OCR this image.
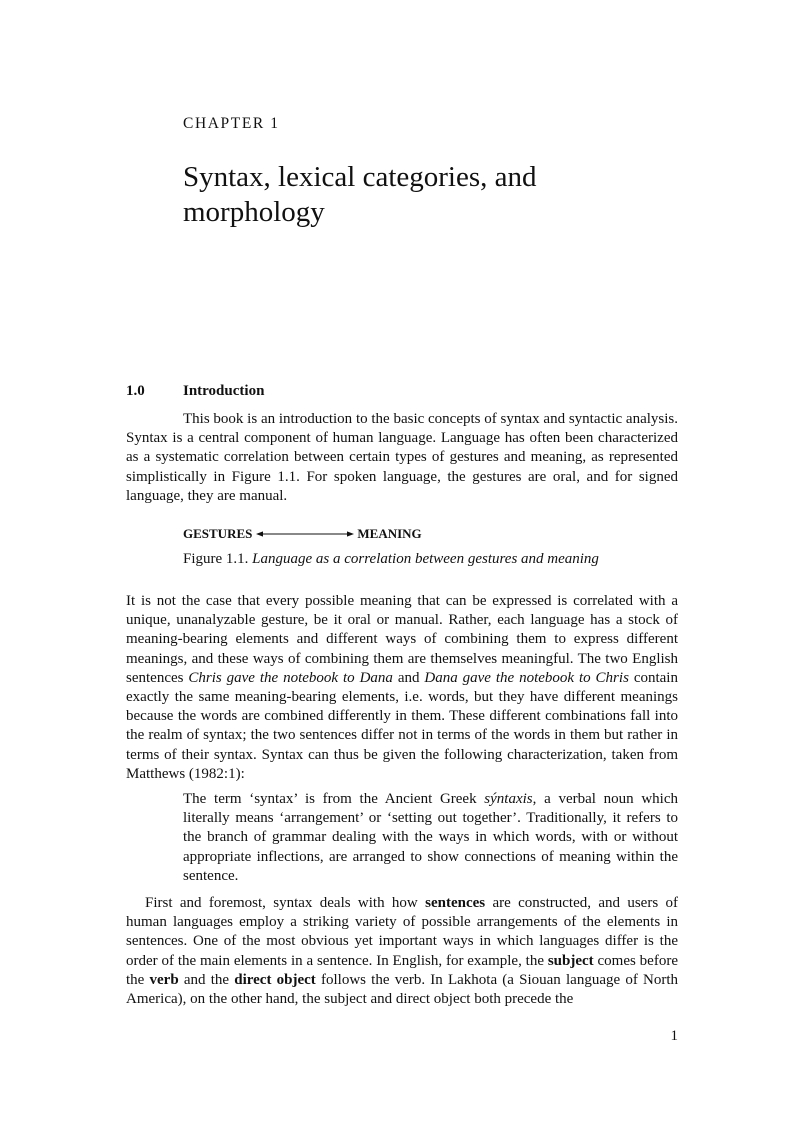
CHAPTER 1
Syntax, lexical categories, and
morphology
1.0	Introduction

This book is an introduction to the basic concepts of syntax and syntactic analysis. Syntax is a central component of human language. Language has often been characterized as a systematic correlation between certain types of gestures and meaning, as represented simplistically in Figure 1.1. For spoken language, the gestures are oral, and for signed language, they are manual.

GESTURES	MEANING
Figure 1.1. Language as a correlation between gestures and meaning

It is not the case that every possible meaning that can be expressed is correlated with a unique, unanalyzable gesture, be it oral or manual. Rather, each language has a stock of meaning-bearing elements and different ways of combining them to express different meanings, and these ways of combining them are themselves meaningful. The two English sentences Chris gave the notebook to Dana and Dana gave the notebook to Chris contain exactly the same meaning-bearing elements, i.e. words, but they have different meanings because the words are combined differently in them. These different combinations fall into the realm of syntax; the two sentences differ not in terms of the words in them but rather in terms of their syntax. Syntax can thus be given the following characterization, taken from Matthews (1982:1):

The term ‘syntax’ is from the Ancient Greek sýntaxis, a verbal noun which literally means ‘arrangement’ or ‘setting out together’. Traditionally, it refers to the branch of grammar dealing with the ways in which words, with or without appropriate inflections, are arranged to show connections of meaning within the sentence.

First and foremost, syntax deals with how sentences are constructed, and users of human languages employ a striking variety of possible arrangements of the elements in sentences. One of the most obvious yet important ways in which languages differ is the order of the main elements in a sentence. In English, for example, the subject comes before the verb and the direct object follows the verb. In Lakhota (a Siouan language of North America), on the other hand, the subject and direct object both precede the

1
